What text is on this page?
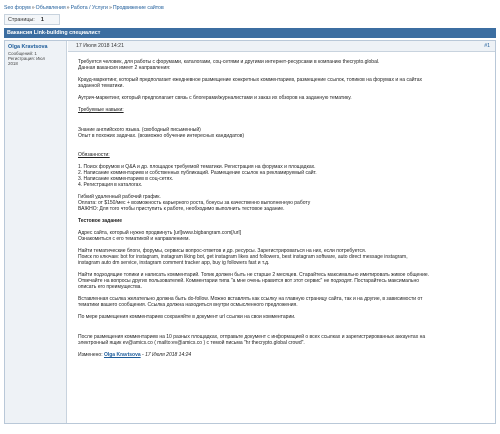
Seo форум»Объявления»Работа / Услуги»Продвижение сайтов
Страницы: 1
Вакансия Link-building специалист
Olga Kravtsova
Сообщений: 1
Регистрация: Июл
2018
17 Июля 2018 14:21	#1

Требуется человек, для работы с форумами, каталогами, соц-сетями и другими интернет-ресурсами в компанию thecrypto.global.

Данная вакансия имеет 2 направления:

Крауд-маркетинг, который предполагает ежедневное размещение конкретных комментариев, размещение ссылок, топиков на форумах и на сайтах

заданной тематики.

Аутрич-маркетинг, который предполагает связь с блогерами/журналистами и заказ их обзоров на заданную тематику.

Требуемые навыки:

Знание английского языка. (свободный письменный)

Опыт в похожих задачах. (возможно обучение интересных кандидатов)

Обязанности:

1. Поиск форумов и Q&A и др. площадок требуемой тематики. Регистрация на форумах и площадках.

2. Написание комментариев и собственных публикаций. Размещение ссылок на рекламируемый сайт.

3. Написание комментариев в соц-сетях.

4. Регистрация в каталогах.

Гибкий удаленный рабочий график.

Оплата: от $150/мес + возможность карьерного роста, бонусы за качественно выполненную работу

ВАЖНО: Для того чтобы приступить к работе, необходимо выполнить тестовое задание.

Тестовое задание

Адрес сайта, который нужно продвинуть [url]www.bigbangram.com[/url]

Ознакомиться с его тематикой и направлением.

Найти тематические блоги, форумы, сервисы вопрос-ответов и др. ресурсы. Зарегистрироваться на них, если потребуется.

Поиск по ключам: bot for instagram, instagram liking bot, get instagram likes and followers, best instagram software, auto direct message instagram,

instagram auto dm service, instagram comment tracker app, buy ig followers fast и т.д.

Найти подходящие топики и написать комментарий. Топик должен быть не старше 2 месяцев. Старайтесь максимально имитировать живое общение.

Отвечайте на вопросы других пользователей. Комментарии типа "а мне очень нравится вот этот сервис" не подходят. Постарайтесь максимально

описать его преимущества.

Вставленная ссылка желательно должна быть do-follow. Можно вставлять как ссылку на главную страницу сайта, так и на другие, в зависимости от

тематики вашего сообщения. Ссылка должна находиться внутри осмысленного предложения.

По мере размещения комментариев сохраняйте в документ url ссылки на свои комментарии.

После размещения комментариев на 10 разных площадках, отправьте документ с информацией о всех ссылках и зарегистрированных аккаунтах на

электронный ящик ev@amics.co ( mailto:ev@amics.co ) с темой письма "hr thecrypto.global crowd".

Изменено: Olga Kravtsova - 17 Июля 2018 14:24
